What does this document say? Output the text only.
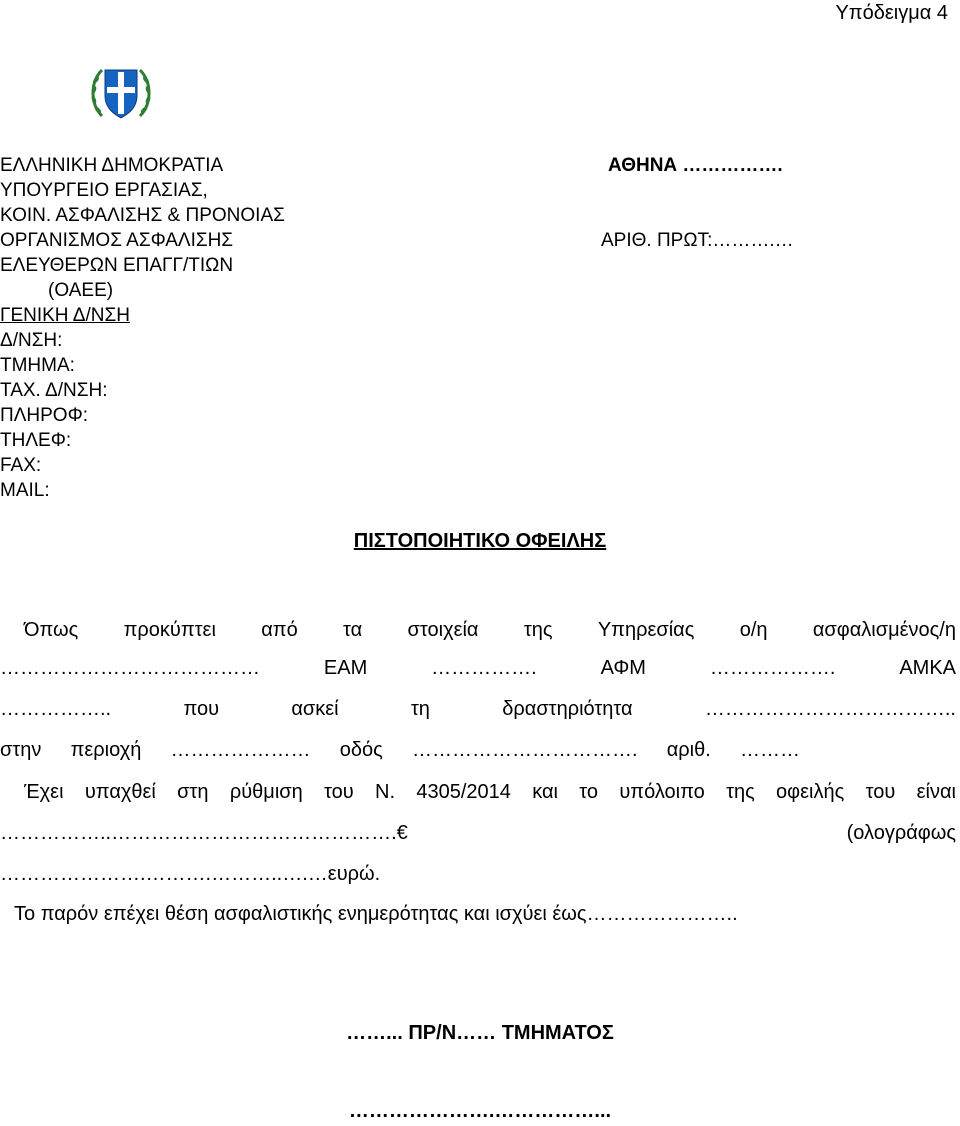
Υπόδειγμα 4
ΕΛΛΗΝΙΚΗ ΔΗΜΟΚΡΑΤΙΑ
ΥΠΟΥΡΓΕΙΟ ΕΡΓΑΣΙΑΣ,
ΚΟΙΝ. ΑΣΦΑΛΙΣΗΣ & ΠΡΟΝΟΙΑΣ
ΟΡΓΑΝΙΣΜΟΣ ΑΣΦΑΛΙΣΗΣ
ΕΛΕΥΘΕΡΩΝ ΕΠΑΓΓ/ΤΙΩΝ
(ΟΑΕΕ)
ΓΕΝΙΚΗ Δ/ΝΣΗ
Δ/ΝΣΗ:
ΤΜΗΜΑ:
ΤΑΧ. Δ/ΝΣΗ:
ΠΛΗΡΟΦ:
ΤΗΛΕΦ:
FAX:
MAIL:
ΑΘΗΝΑ …………….
ΑΡΙΘ. ΠΡΩΤ:……….…
ΠΙΣΤΟΠΟΙΗΤΙΚΟ ΟΦΕΙΛΗΣ
Όπως προκύπτει από τα στοιχεία της Υπηρεσίας ο/η ασφαλισμένος/η
…………………………………	ΕΑΜ	…………….	ΑΦΜ	……………….	ΑΜΚΑ
……………..	που	ασκεί	τη	δραστηριότητα	………………………………..
στην περιοχή ………………… οδός ……………………………. αριθ. ………
Έχει υπαχθεί στη ρύθμιση του Ν. 4305/2014 και το υπόλοιπο της οφειλής του είναι
……………..…………………………………….€	(ολογράφως
………………….……….………..….…ευρώ.
Το παρόν επέχει θέση ασφαλιστικής ενημερότητας και ισχύει έως…………………..
……... ΠΡ/Ν…… ΤΜΗΜΑΤΟΣ
………………….……………...
